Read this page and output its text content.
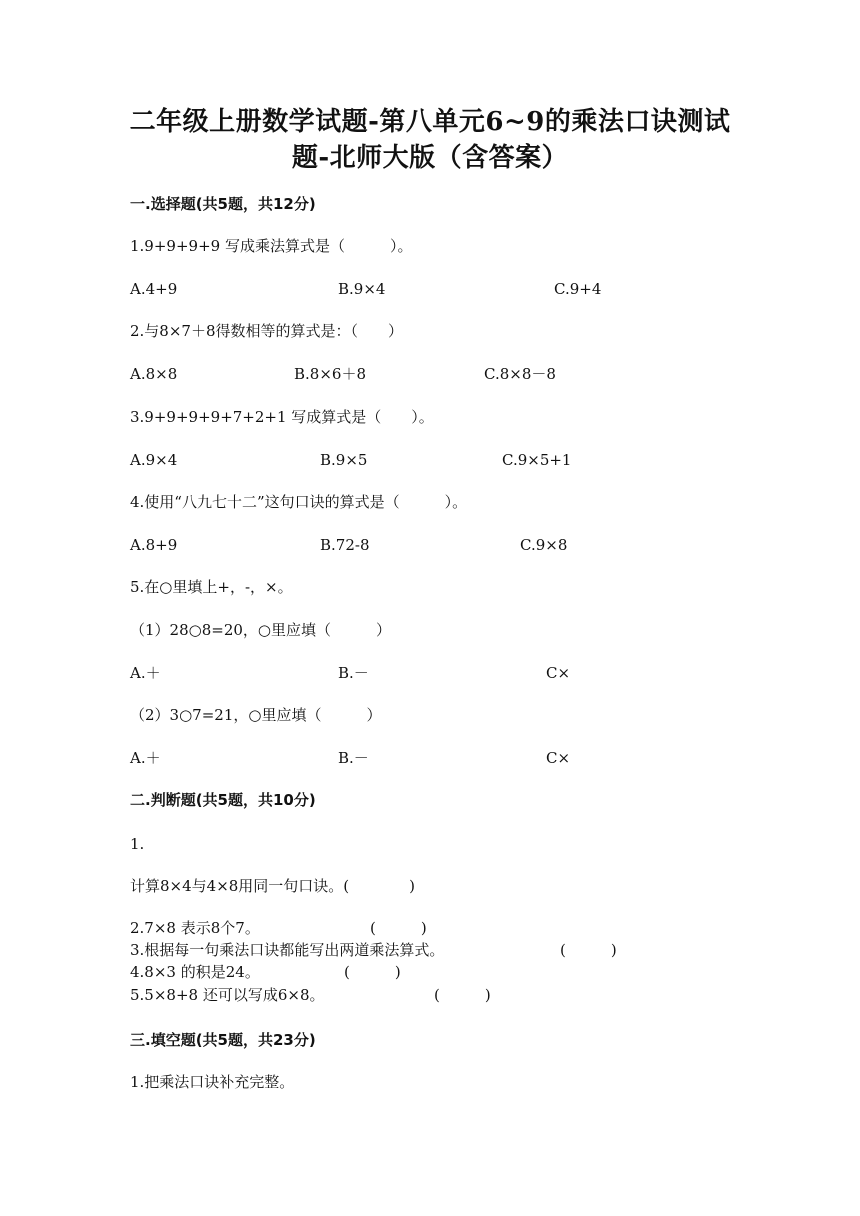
二年级上册数学试题-第八单元6~9的乘法口诀测试
题-北师大版（含答案）
一.选择题(共5题，共12分)
1.9+9+9+9 写成乘法算式是（　　　）。
A.4+9	B.9×4	C.9+4
2.与8×7＋8得数相等的算式是：（　　）
A.8×8	B.8×6＋8	C.8×8－8
3.9+9+9+9+7+2+1 写成算式是（　　）。
A.9×4	B.9×5	C.9×5+1
4.使用“八九七十二”这句口诀的算式是（　　　）。
A.8+9	B.72-8	C.9×8
5.在○里填上+，-，×。
（1）28○8=20，○里应填（　　　）
A.＋	B.－	C×
（2）3○7=21，○里应填（　　　）
A.＋	B.－	C×
二.判断题(共5题，共10分)
1.
计算8×4与4×8用同一句口诀。(　　　　)
2.7×8 表示8个7。	(　　　)
3.根据每一句乘法口诀都能写出两道乘法算式。	(　　　)
4.8×3 的积是24。	(　　　)
5.5×8+8 还可以写成6×8。	(　　　)
三.填空题(共5题，共23分)
1.把乘法口诀补充完整。
